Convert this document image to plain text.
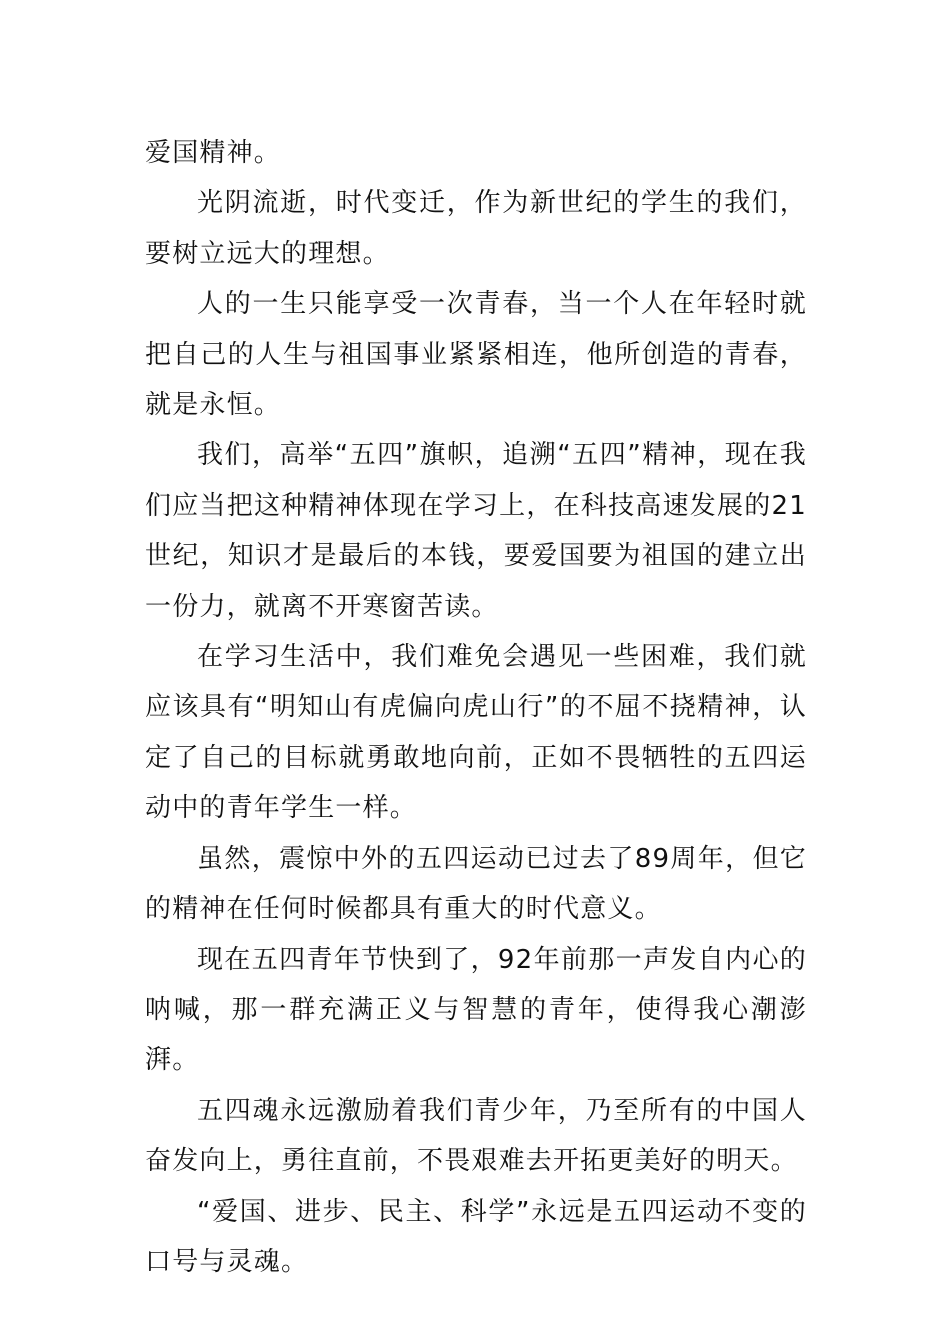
爱国精神。

光阴流逝，时代变迁，作为新世纪的学生的我们，要树立远大的理想。

人的一生只能享受一次青春，当一个人在年轻时就把自己的人生与祖国事业紧紧相连，他所创造的青春，就是永恒。

我们，高举“五四”旗帜，追溯“五四”精神，现在我们应当把这种精神体现在学习上，在科技高速发展的21世纪，知识才是最后的本钱，要爱国要为祖国的建立出一份力，就离不开寒窗苦读。

在学习生活中，我们难免会遇见一些困难，我们就应该具有“明知山有虎偏向虎山行”的不屈不挠精神，认定了自己的目标就勇敢地向前，正如不畏牺牲的五四运动中的青年学生一样。

虽然，震惊中外的五四运动已过去了89周年，但它的精神在任何时候都具有重大的时代意义。

现在五四青年节快到了，92年前那一声发自内心的呐喊，那一群充满正义与智慧的青年，使得我心潮澎湃。

五四魂永远激励着我们青少年，乃至所有的中国人奋发向上，勇往直前，不畏艰难去开拓更美好的明天。

“爱国、进步、民主、科学”永远是五四运动不变的口号与灵魂。
